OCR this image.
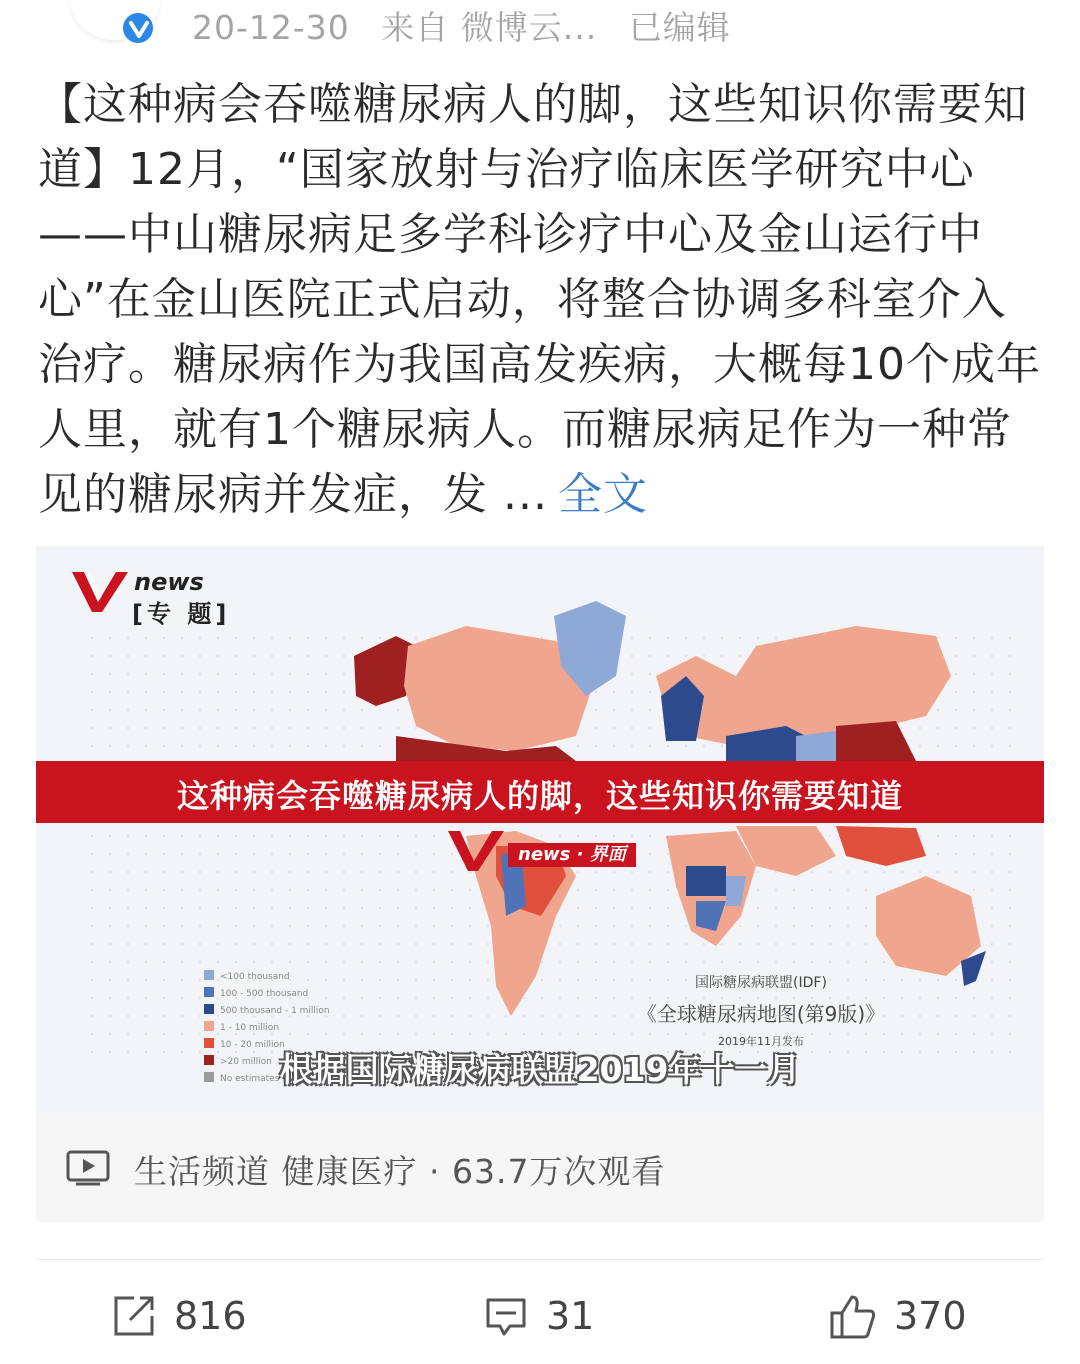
20-12-30 来自 微博云... 已编辑
【这种病会吞噬糖尿病人的脚，这些知识你需要知道】12月，“国家放射与治疗临床医学研究中心——中山糖尿病足多学科诊疗中心及金山运行中心”在金山医院正式启动，将整合协调多科室介入治疗。糖尿病作为我国高发疾病，大概每10个成年人里，就有1个糖尿病人。而糖尿病足作为一种常见的糖尿病并发症，发 ... 全文
news
[专 题]
这种病会吞噬糖尿病人的脚，这些知识你需要知道
news · 界面
<100 thousand
100 - 500 thousand
500 thousand - 1 million
1 - 10 million
10 - 20 million
>20 million
No estimates
国际糖尿病联盟(IDF)
《全球糖尿病地图(第9版)》
2019年11月发布
根据国际糖尿病联盟2019年十一月
生活频道 健康医疗 · 63.7万次观看
816	31	370
